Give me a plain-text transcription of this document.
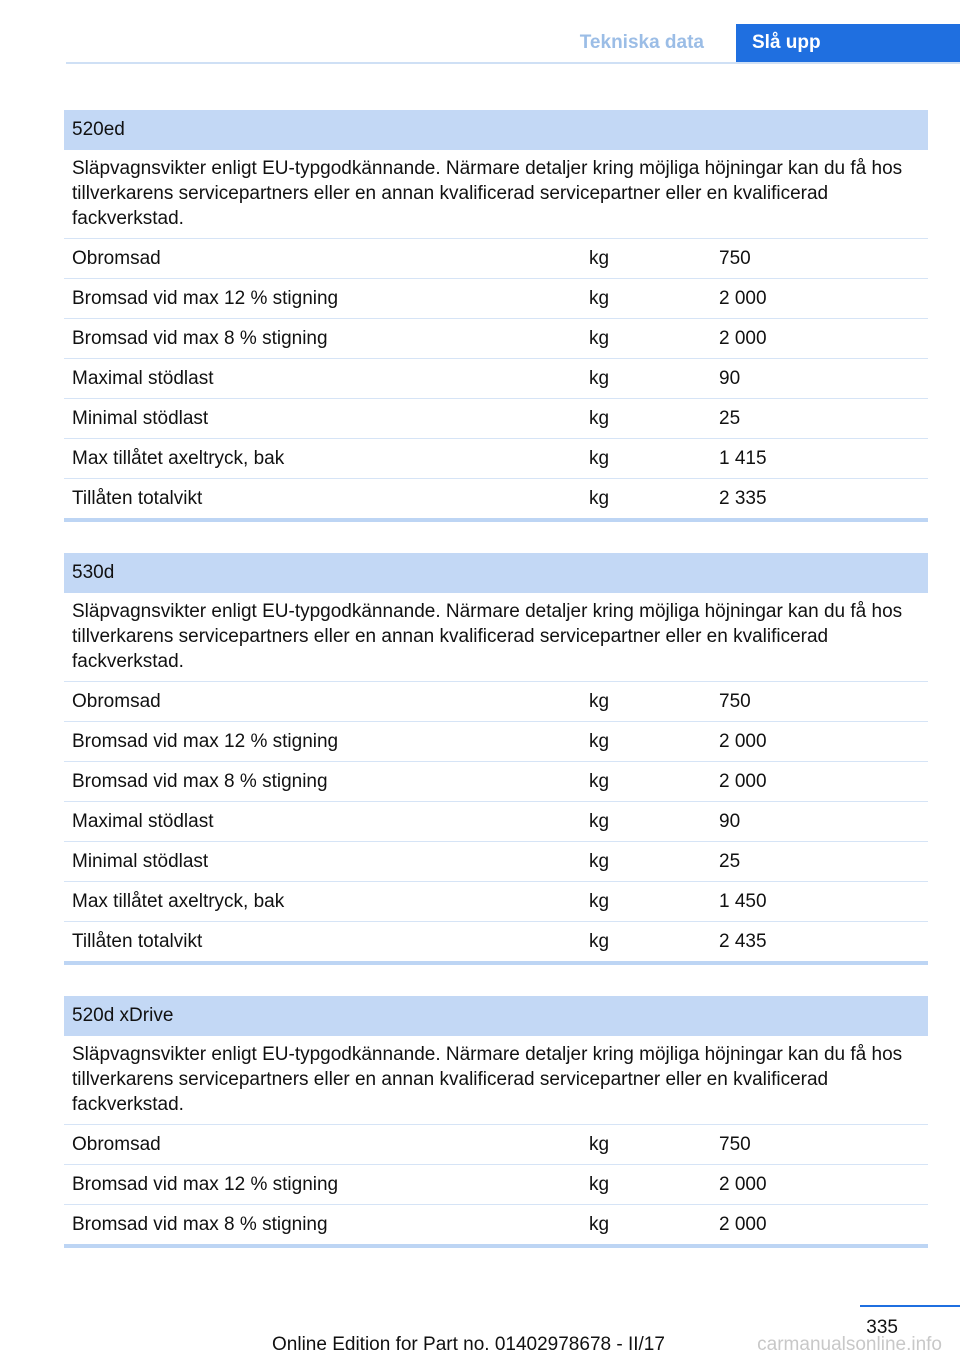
Tekniska data	Slå upp
520ed
Släpvagnsvikter enligt EU-typgodkännande. Närmare detaljer kring möjliga höjningar kan du få hos tillverkarens servicepartners eller en annan kvalificerad servicepartner eller en kvalificerad fackverkstad.
Obromsad	kg	750
Bromsad vid max 12 % stigning	kg	2 000
Bromsad vid max 8 % stigning	kg	2 000
Maximal stödlast	kg	90
Minimal stödlast	kg	25
Max tillåtet axeltryck, bak	kg	1 415
Tillåten totalvikt	kg	2 335
530d
Släpvagnsvikter enligt EU-typgodkännande. Närmare detaljer kring möjliga höjningar kan du få hos tillverkarens servicepartners eller en annan kvalificerad servicepartner eller en kvalificerad fackverkstad.
Obromsad	kg	750
Bromsad vid max 12 % stigning	kg	2 000
Bromsad vid max 8 % stigning	kg	2 000
Maximal stödlast	kg	90
Minimal stödlast	kg	25
Max tillåtet axeltryck, bak	kg	1 450
Tillåten totalvikt	kg	2 435
520d xDrive
Släpvagnsvikter enligt EU-typgodkännande. Närmare detaljer kring möjliga höjningar kan du få hos tillverkarens servicepartners eller en annan kvalificerad servicepartner eller en kvalificerad fackverkstad.
Obromsad	kg	750
Bromsad vid max 12 % stigning	kg	2 000
Bromsad vid max 8 % stigning	kg	2 000
335
Online Edition for Part no. 01402978678 - II/17	carmanualsonline.info
